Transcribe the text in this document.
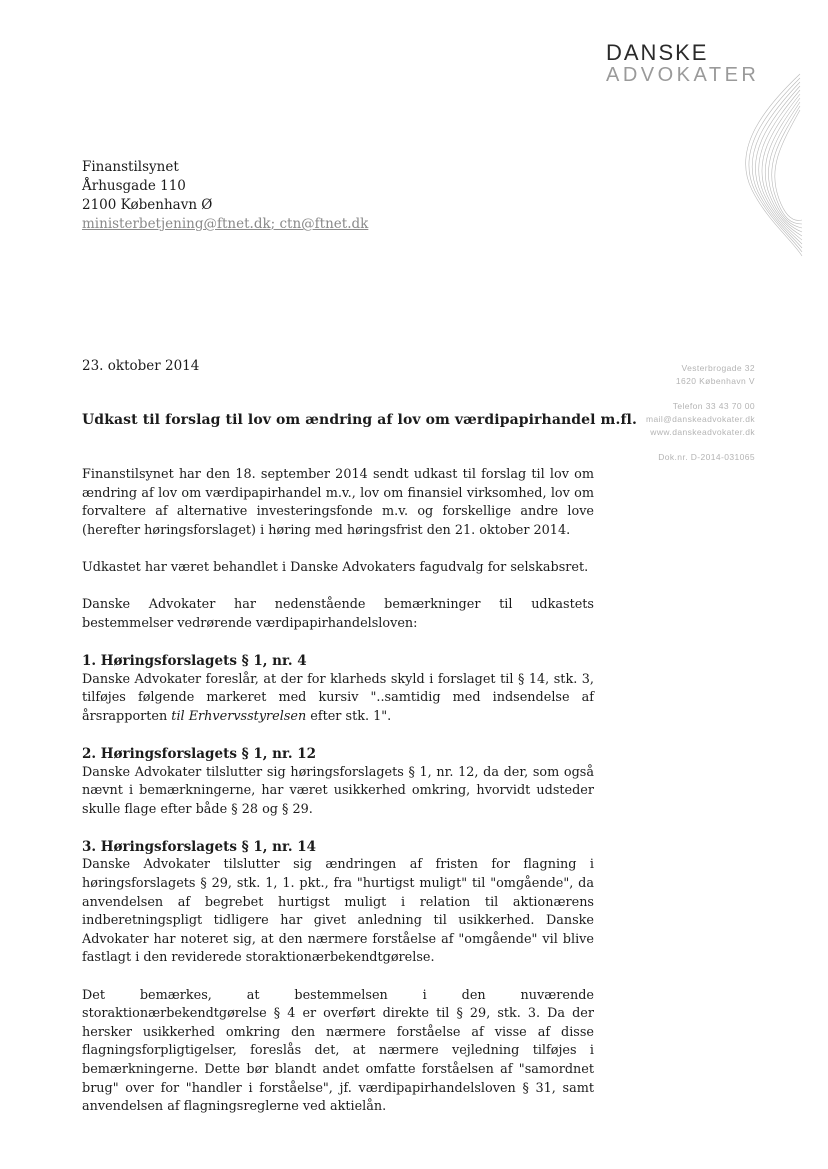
DANSKE
ADVOKATER
Finanstilsynet
Århusgade 110
2100 København Ø
ministerbetjening@ftnet.dk; ctn@ftnet.dk
Vesterbrogade 32
1620 København V
Telefon 33 43 70 00
mail@danskeadvokater.dk
www.danskeadvokater.dk
Dok.nr. D-2014-031065
23. oktober 2014
Udkast til forslag til lov om ændring af lov om værdipapirhandel m.fl.

Finanstilsynet har den 18. september 2014 sendt udkast til forslag til lov om ændring af lov om værdipapirhandel m.v., lov om finansiel virksomhed, lov om forvaltere af alternative investeringsfonde m.v. og forskellige andre love (herefter høringsforslaget) i høring med høringsfrist den 21. oktober 2014.

Udkastet har været behandlet i Danske Advokaters fagudvalg for selskabsret.

Danske Advokater har nedenstående bemærkninger til udkastets bestemmelser vedrørende værdipapirhandelsloven:

1. Høringsforslagets § 1, nr. 4
Danske Advokater foreslår, at der for klarheds skyld i forslaget til § 14, stk. 3, tilføjes følgende markeret med kursiv "..samtidig med indsendelse af årsrapporten til Erhvervsstyrelsen efter stk. 1".
2. Høringsforslagets § 1, nr. 12
Danske Advokater tilslutter sig høringsforslagets § 1, nr. 12, da der, som også nævnt i bemærkningerne, har været usikkerhed omkring, hvorvidt udsteder skulle flage efter både § 28 og § 29.
3. Høringsforslagets § 1, nr. 14
Danske Advokater tilslutter sig ændringen af fristen for flagning i høringsforslagets § 29, stk. 1, 1. pkt., fra "hurtigst muligt" til "omgående", da anvendelsen af begrebet hurtigst muligt i relation til aktionærens indberetningspligt tidligere har givet anledning til usikkerhed. Danske Advokater har noteret sig, at den nærmere forståelse af "omgående" vil blive fastlagt i den reviderede storaktionærbekendtgørelse.

Det bemærkes, at bestemmelsen i den nuværende storaktionærbekendtgørelse § 4 er overført direkte til § 29, stk. 3. Da der hersker usikkerhed omkring den nærmere forståelse af visse af disse flagningsforpligtigelser, foreslås det, at nærmere vejledning tilføjes i bemærkningerne. Dette bør blandt andet omfatte forståelsen af "samordnet brug" over for "handler i forståelse", jf. værdipapirhandelsloven § 31, samt anvendelsen af flagningsreglerne ved aktielån.
